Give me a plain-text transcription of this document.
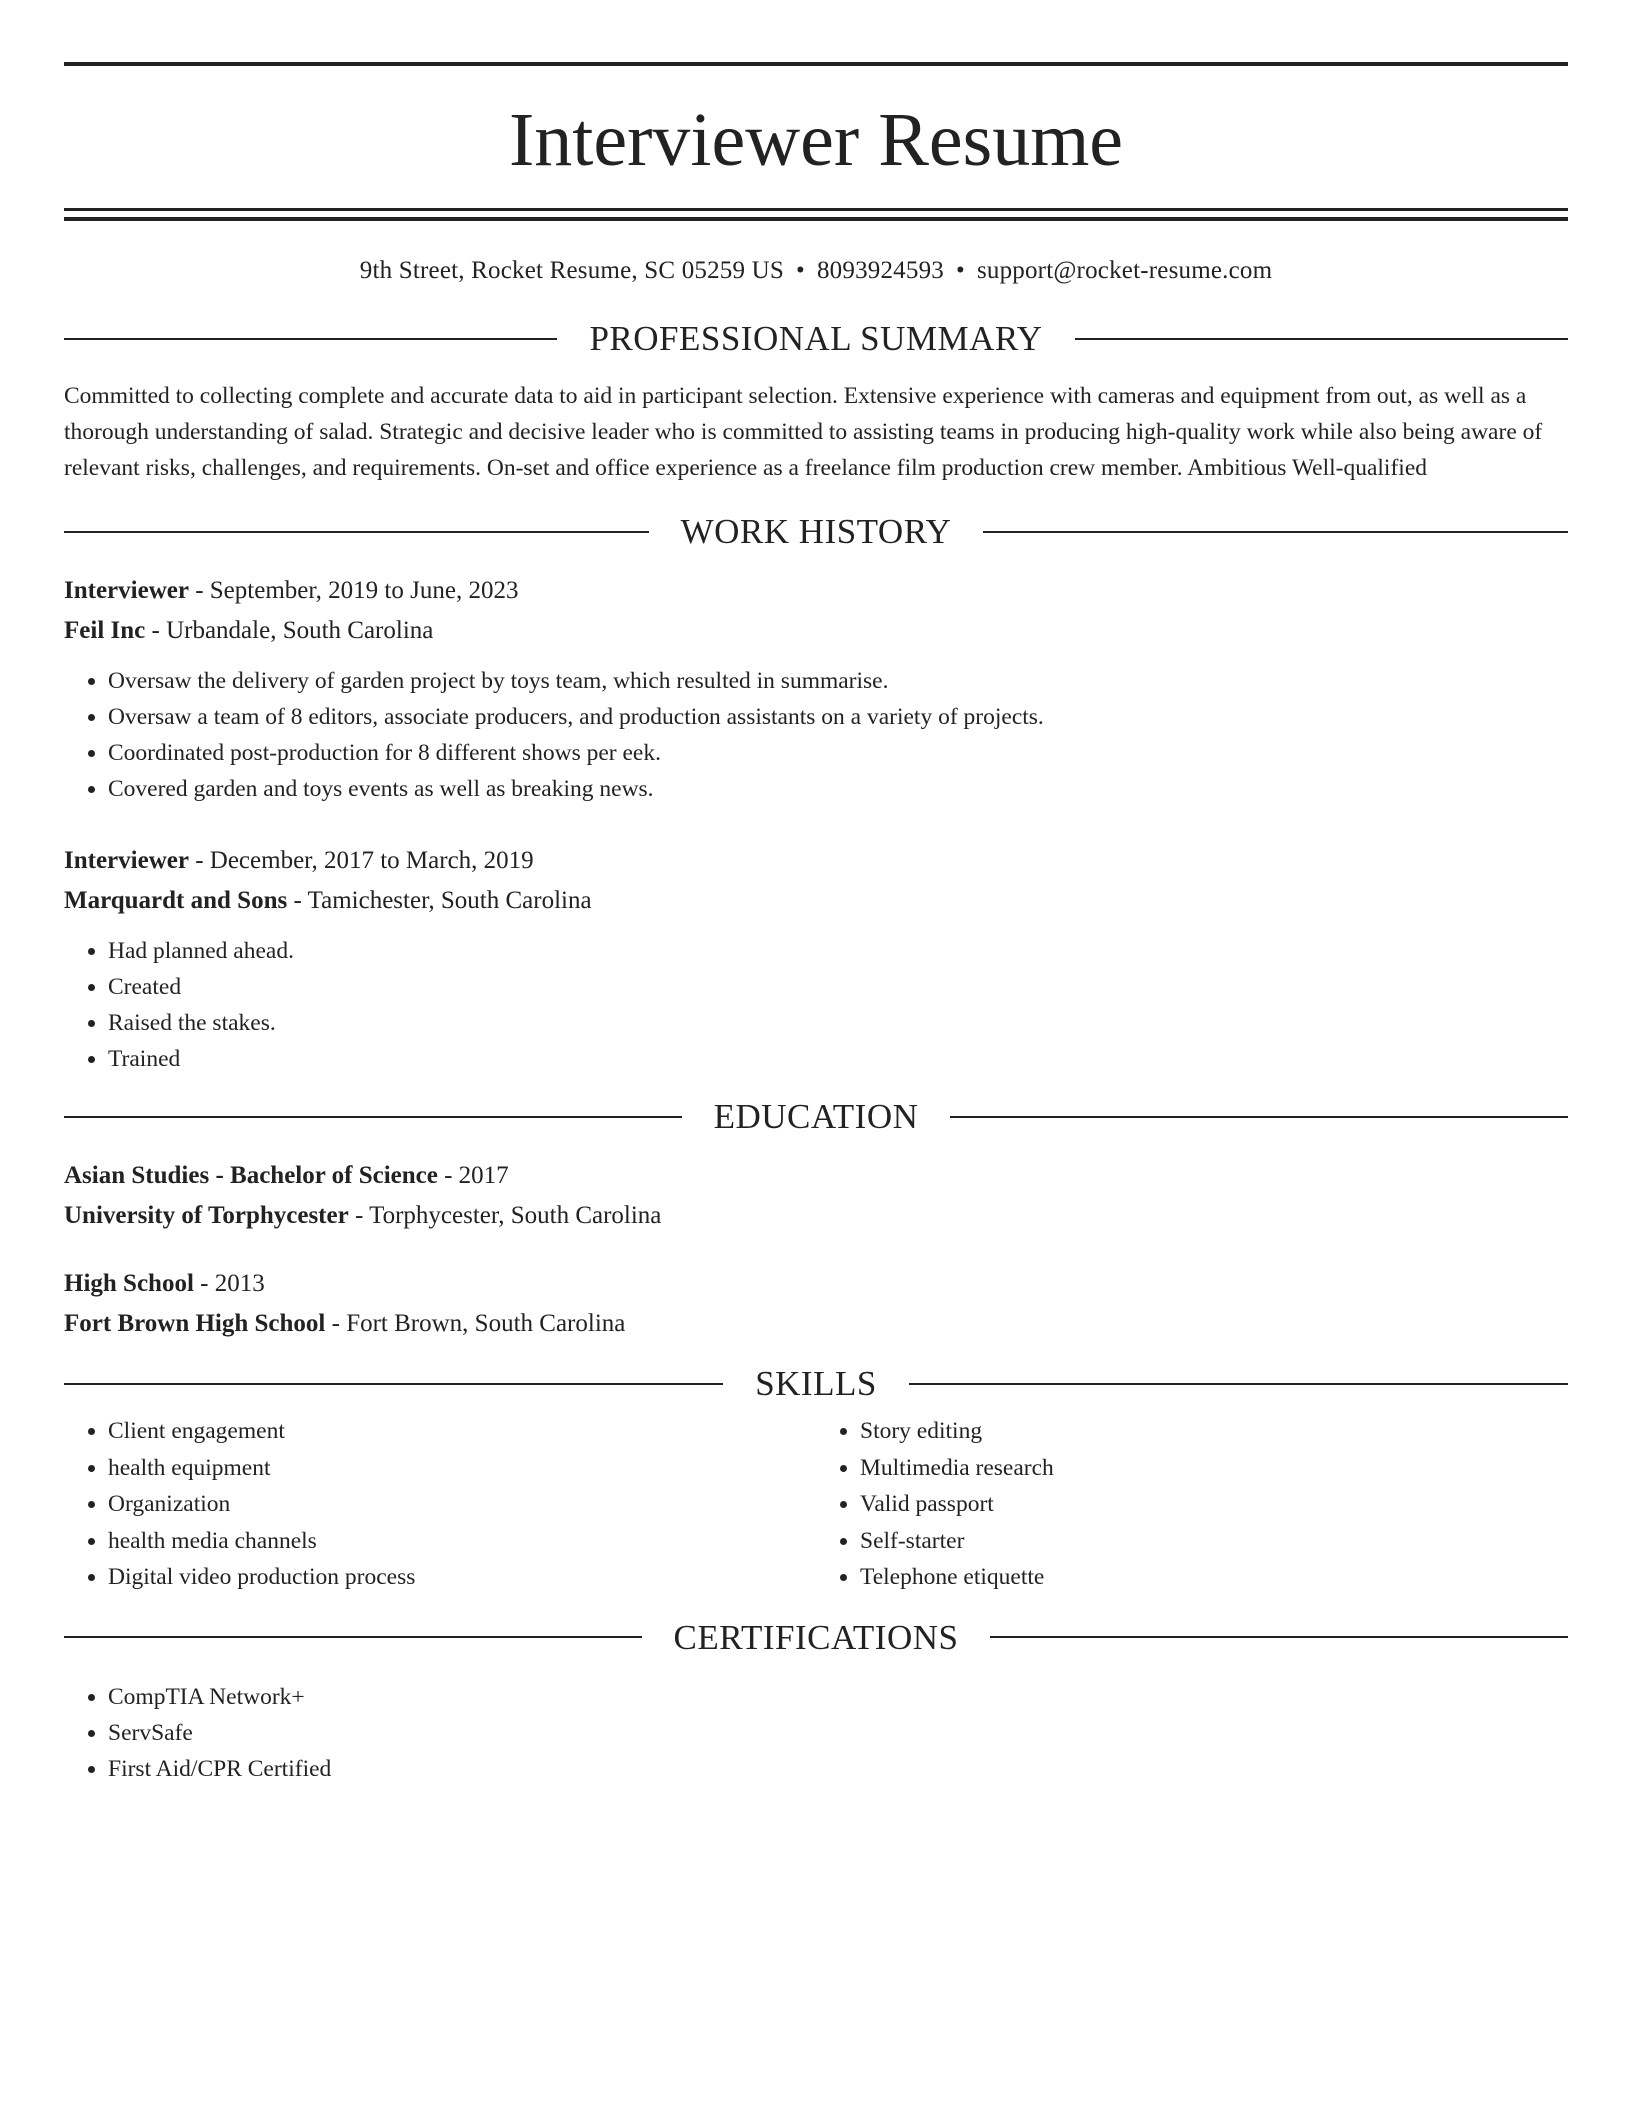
Interviewer Resume
9th Street, Rocket Resume, SC 05259 US • 8093924593 • support@rocket-resume.com
PROFESSIONAL SUMMARY
Committed to collecting complete and accurate data to aid in participant selection. Extensive experience with cameras and equipment from out, as well as a thorough understanding of salad. Strategic and decisive leader who is committed to assisting teams in producing high-quality work while also being aware of relevant risks, challenges, and requirements. On-set and office experience as a freelance film production crew member. Ambitious Well-qualified
WORK HISTORY
Interviewer - September, 2019 to June, 2023
Feil Inc - Urbandale, South Carolina
• Oversaw the delivery of garden project by toys team, which resulted in summarise.
• Oversaw a team of 8 editors, associate producers, and production assistants on a variety of projects.
• Coordinated post-production for 8 different shows per eek.
• Covered garden and toys events as well as breaking news.
Interviewer - December, 2017 to March, 2019
Marquardt and Sons - Tamichester, South Carolina
• Had planned ahead.
• Created
• Raised the stakes.
• Trained
EDUCATION
Asian Studies - Bachelor of Science - 2017
University of Torphycester - Torphycester, South Carolina
High School - 2013
Fort Brown High School - Fort Brown, South Carolina
SKILLS
• Client engagement
• health equipment
• Organization
• health media channels
• Digital video production process
• Story editing
• Multimedia research
• Valid passport
• Self-starter
• Telephone etiquette
CERTIFICATIONS
• CompTIA Network+
• ServSafe
• First Aid/CPR Certified
